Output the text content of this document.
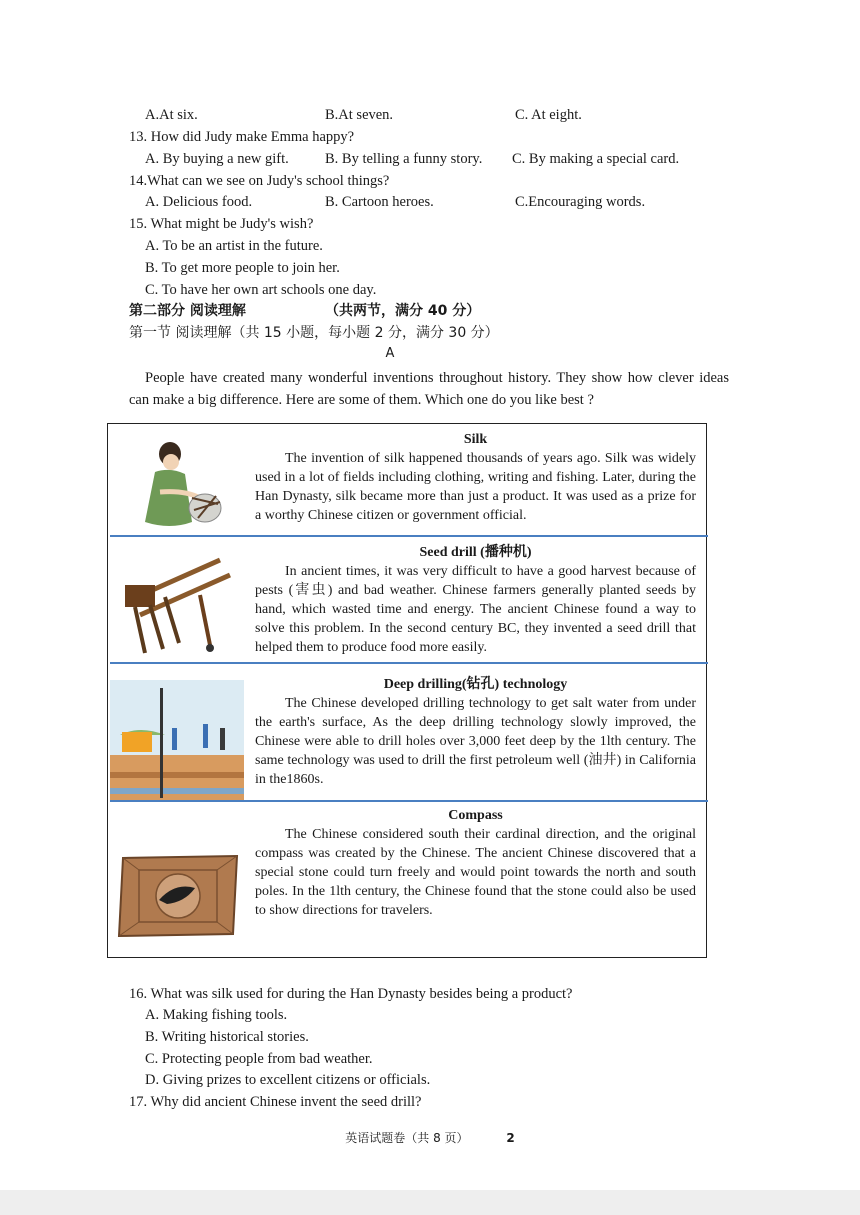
A.At six.	B.At seven.	C. At eight.
13. How did Judy make Emma happy?
A. By buying a new gift. B. By telling a funny story. C. By making a special card.
14.What can we see on Judy's school things?
A. Delicious food.	B. Cartoon heroes.	C.Encouraging words.
15. What might be Judy's wish?
A. To be an artist in the future.
B. To get more people to join her.
C. To have her own art schools one day.
第二部分 阅读理解	（共两节，满分 40 分）
第一节 阅读理解（共 15 小题，每小题 2 分，满分 30 分）
A
People have created many wonderful inventions throughout history. They show how clever ideas can make a big difference. Here are some of them. Which one do you like best ?
Silk

The invention of silk happened thousands of years ago. Silk was widely used in a lot of fields including clothing, writing and fishing. Later, during the Han Dynasty, silk became more than just a product. It was used as a prize for a worthy Chinese citizen or government official.

Seed drill (播种机)

In ancient times, it was very difficult to have a good harvest because of pests (害虫) and bad weather. Chinese farmers generally planted seeds by hand, which wasted time and energy. The ancient Chinese found a way to solve this problem. In the second century BC, they invented a seed drill that helped them to produce food more easily.

Deep drilling(钻孔) technology

The Chinese developed drilling technology to get salt water from under the earth's surface, As the deep drilling technology slowly improved, the Chinese were able to drill holes over 3,000 feet deep by the 1lth century. The same technology was used to drill the first petroleum well (油井) in California in the1860s.

Compass

The Chinese considered south their cardinal direction, and the original compass was created by the Chinese. The ancient Chinese discovered that a special stone could turn freely and would point towards the north and south poles. In the 1lth century, the Chinese found that the stone could also be used to show directions for travelers.

16. What was silk used for during the Han Dynasty besides being a product?
A. Making fishing tools.
B. Writing historical stories.
C. Protecting people from bad weather.
D. Giving prizes to excellent citizens or officials.
17. Why did ancient Chinese invent the seed drill?
英语试题卷（共 8 页）	2
